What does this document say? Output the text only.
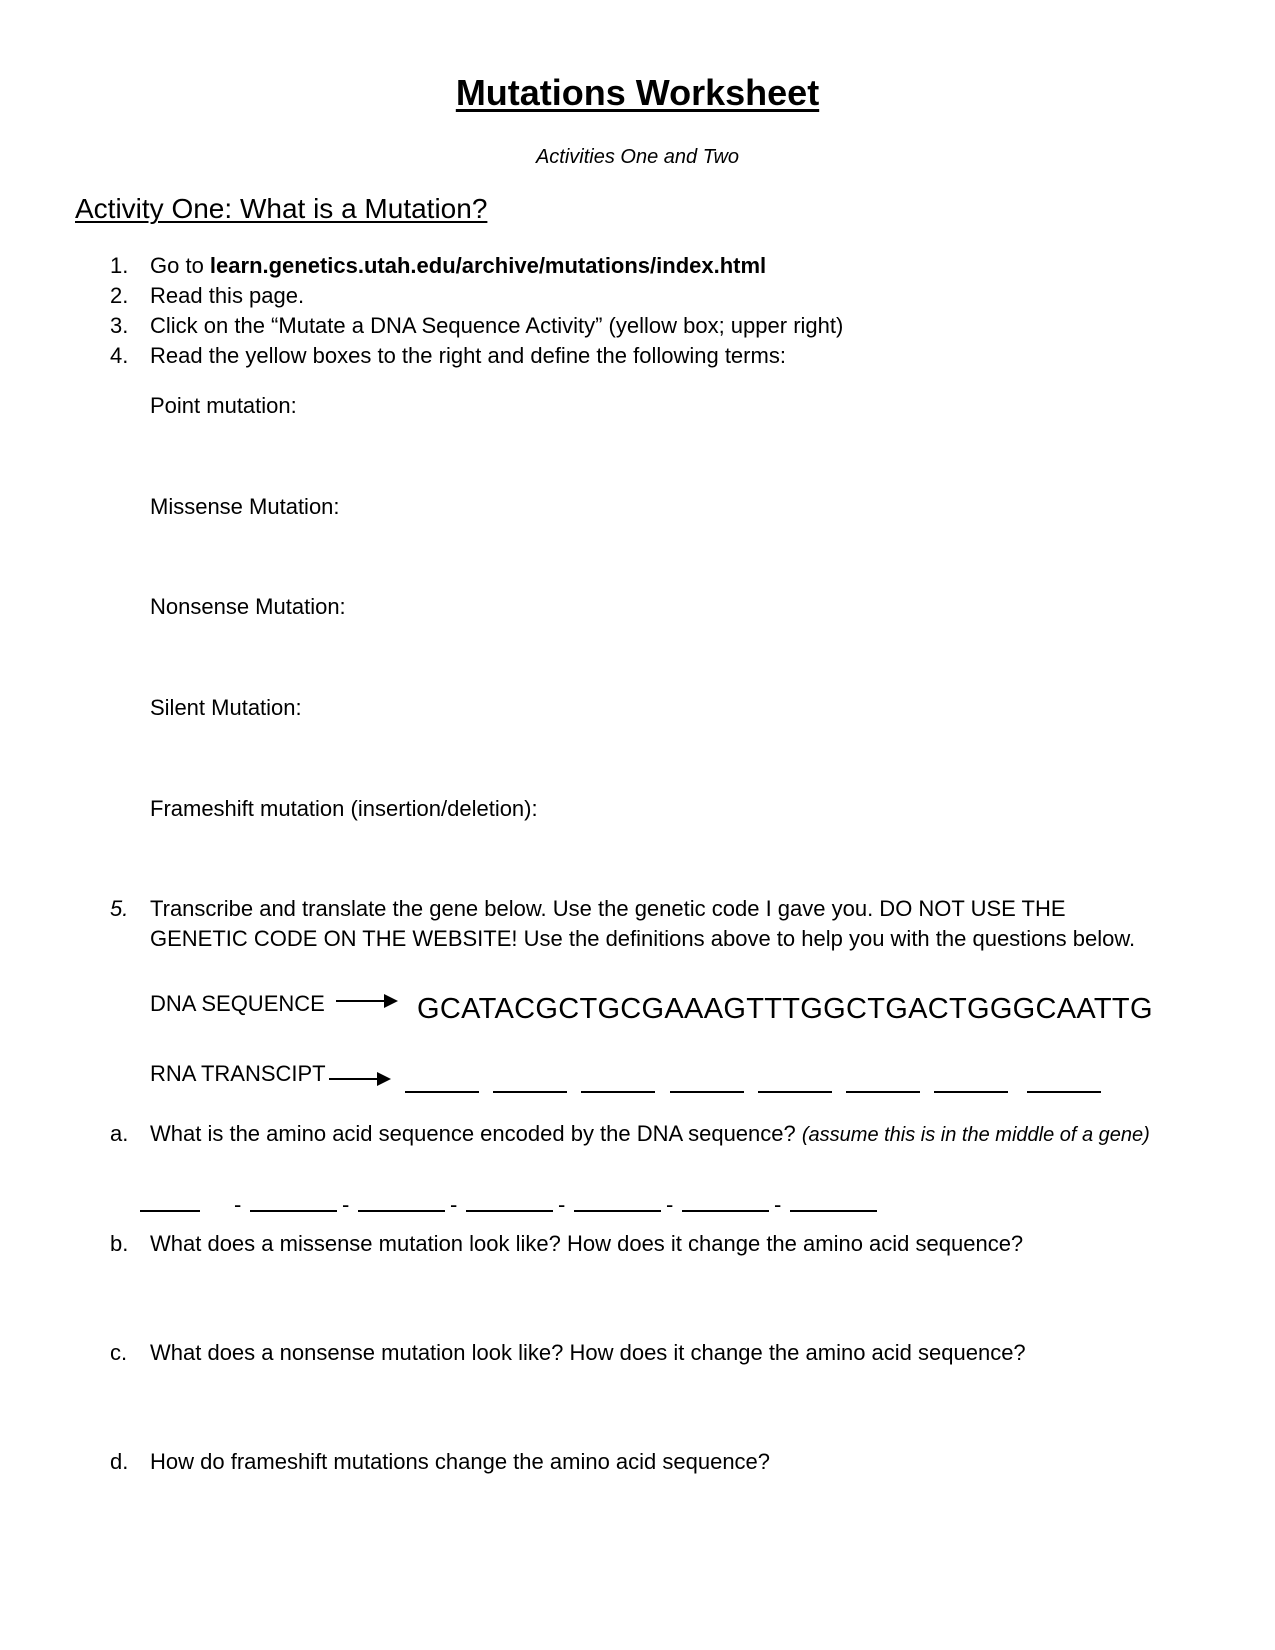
Mutations Worksheet
Activities One and Two
Activity One: What is a Mutation?
1. Go to learn.genetics.utah.edu/archive/mutations/index.html
2. Read this page.
3. Click on the “Mutate a DNA Sequence Activity” (yellow box; upper right)
4. Read the yellow boxes to the right and define the following terms:
Point mutation:
Missense Mutation:
Nonsense Mutation:
Silent Mutation:
Frameshift mutation (insertion/deletion):
5. Transcribe and translate the gene below. Use the genetic code I gave you. DO NOT USE THE
GENETIC CODE ON THE WEBSITE! Use the definitions above to help you with the questions below.
DNA SEQUENCE	GCATACGCTGCGAAAGTTTGGCTGACTGGGCAATTG
RNA TRANSCIPT
a. What is the amino acid sequence encoded by the DNA sequence? (assume this is in the middle of a gene)
-	-	-	-	-	-
b. What does a missense mutation look like? How does it change the amino acid sequence?
c. What does a nonsense mutation look like? How does it change the amino acid sequence?
d. How do frameshift mutations change the amino acid sequence?
